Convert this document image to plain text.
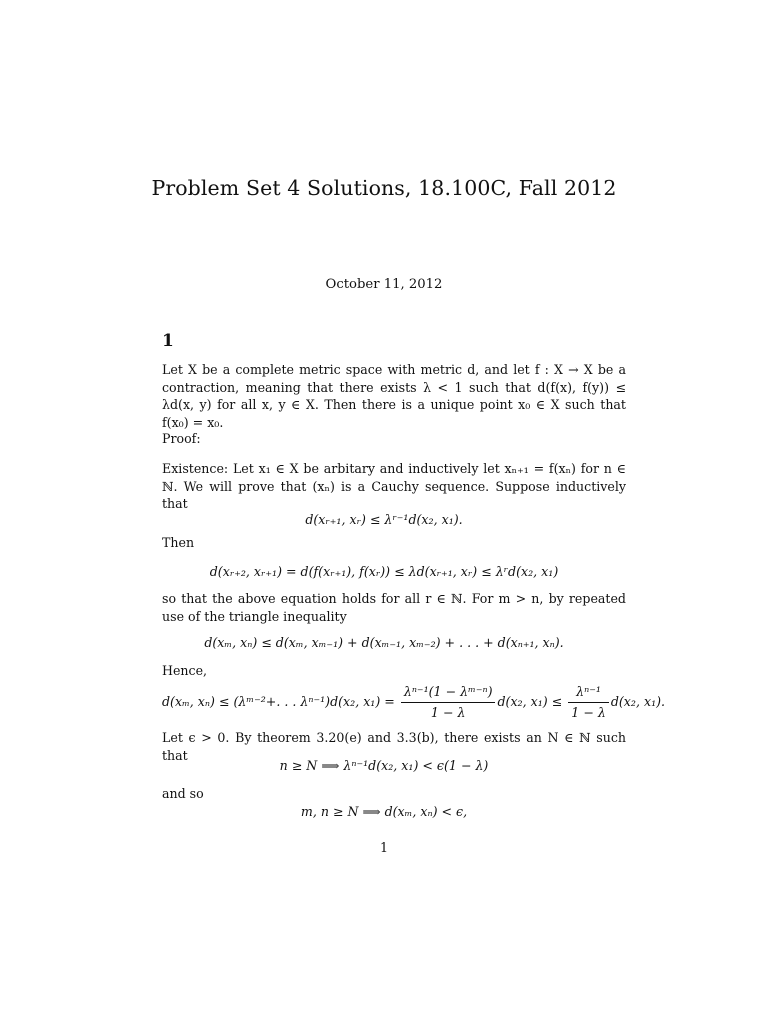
Problem Set 4 Solutions, 18.100C, Fall 2012
October 11, 2012
1

Let X be a complete metric space with metric d, and let f : X → X be a contraction, meaning that there exists λ < 1 such that d(f(x), f(y)) ≤ λd(x, y) for all x, y ∈ X. Then there is a unique point x₀ ∈ X such that f(x₀) = x₀.

Proof:

Existence: Let x₁ ∈ X be arbitary and inductively let xₙ₊₁ = f(xₙ) for n ∈ ℕ. We will prove that (xₙ) is a Cauchy sequence. Suppose inductively that

d(xᵣ₊₁, xᵣ) ≤ λʳ⁻¹d(x₂, x₁).
Then
d(xᵣ₊₂, xᵣ₊₁) = d(f(xᵣ₊₁), f(xᵣ)) ≤ λd(xᵣ₊₁, xᵣ) ≤ λʳd(x₂, x₁)

so that the above equation holds for all r ∈ ℕ. For m > n, by repeated use of the triangle inequality

d(xₘ, xₙ) ≤ d(xₘ, xₘ₋₁) + d(xₘ₋₁, xₘ₋₂) + . . . + d(xₙ₊₁, xₙ).
Hence,
d(xₘ, xₙ) ≤ (λᵐ⁻²+. . . λⁿ⁻¹)d(x₂, $x_1) = \frac{\text{λⁿ⁻¹(1 − λᵐ⁻ⁿ)}}{1 - \lambda} d(x_2$, $x_1) \le \frac{\text{λⁿ⁻¹}}{1 - \lambda} d(x_2$, x₁).

Let ϵ > 0. By theorem 3.20(e) and 3.3(b), there exists an N ∈ ℕ such that

n ≥ N ⟹ λⁿ⁻¹d(x₂, x₁) < ϵ(1 − λ)
and so
m, n ≥ N ⟹ d(xₘ, xₙ) < ϵ,
1
